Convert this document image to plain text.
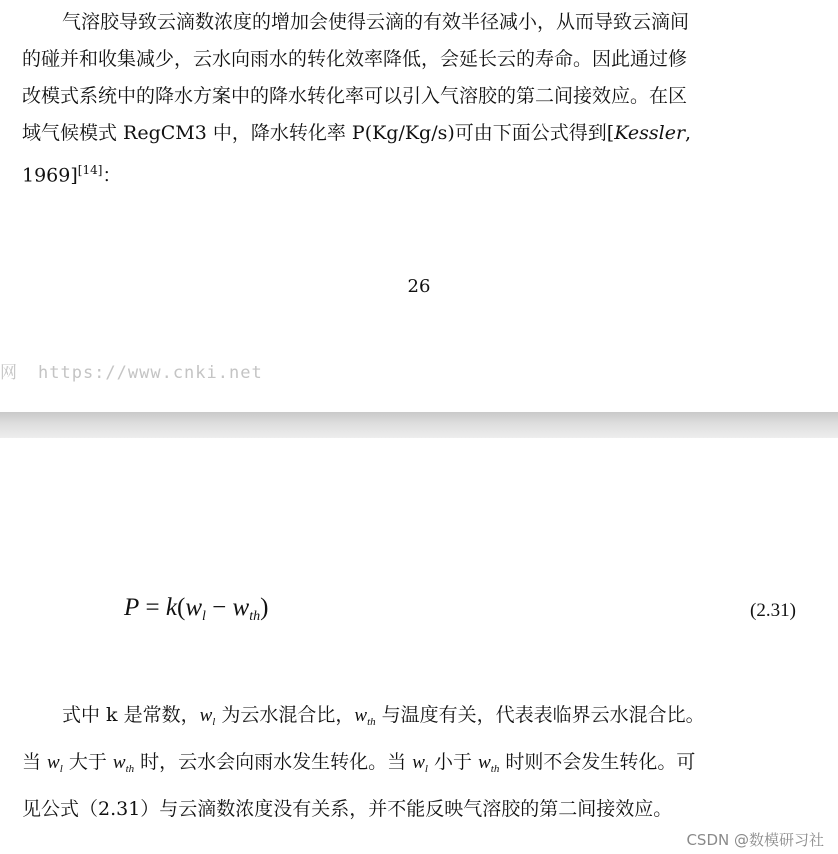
气溶胶导致云滴数浓度的增加会使得云滴的有效半径减小，从而导致云滴间
的碰并和收集减少，云水向雨水的转化效率降低，会延长云的寿命。因此通过修
改模式系统中的降水方案中的降水转化率可以引入气溶胶的第二间接效应。在区
域气候模式 RegCM3 中，降水转化率 P(Kg/Kg/s)可由下面公式得到[Kessler,
1969][14]：
26
网 https://www.cnki.net
$P = k(w_l - w_{th})$	(2.31)
式中 k 是常数，$w_l$ 为云水混合比，$w_{th}$ 与温度有关，代表表临界云水混合比。
当 $w_l$ 大于 $w_{th}$ 时，云水会向雨水发生转化。当 $w_l$ 小于 $w_{th}$ 时则不会发生转化。可
见公式（2.31）与云滴数浓度没有关系，并不能反映气溶胶的第二间接效应。
CSDN @数模研习社
